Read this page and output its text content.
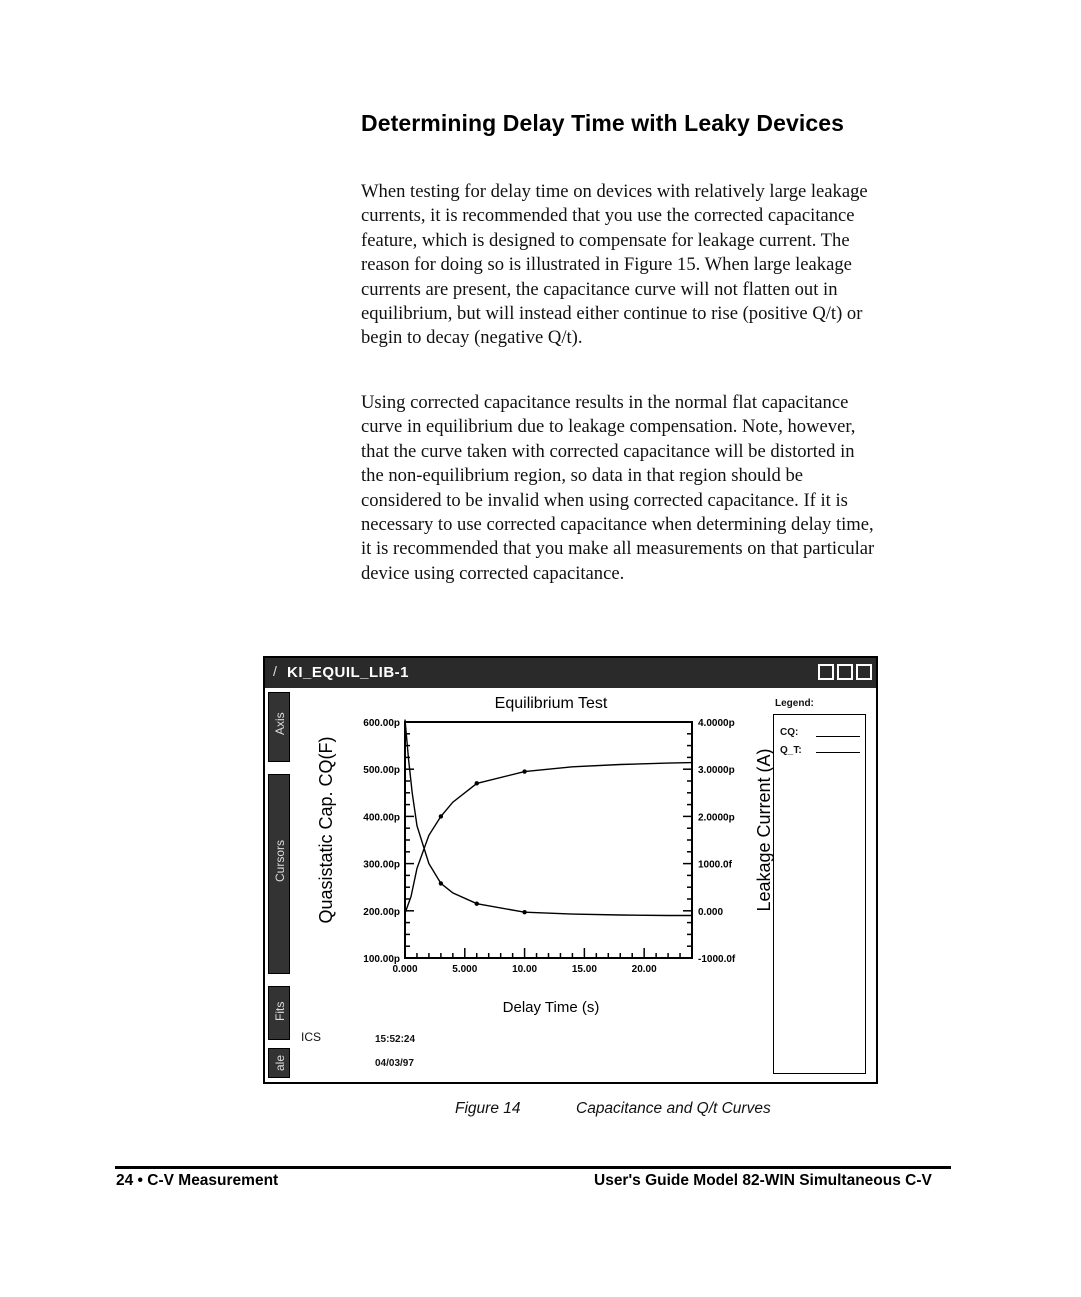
Determining Delay Time with Leaky Devices

When testing for delay time on devices with relatively large leakage currents, it is recommended that you use the corrected capacitance feature, which is designed to compensate for leakage current. The reason for doing so is illustrated in Figure 15. When large leakage currents are present, the capacitance curve will not flatten out in equilibrium, but will instead either continue to rise (positive Q/t) or begin to decay (negative Q/t).

Using corrected capacitance results in the normal flat capacitance curve in equilibrium due to leakage compensation. Note, however, that the curve taken with corrected capacitance will be distorted in the non-equilibrium region, so data in that region should be considered to be invalid when using corrected capacitance. If it is necessary to use corrected capacitance when determining delay time, it is recommended that you make all measurements on that particular device using corrected capacitance.

/ KI_EQUIL_LIB-1
Axis
Cursors
Fits
ale
Equilibrium Test
Delay Time (s)
Quasistatic Cap. CQ(F)	Leakage Current (A)
0.000	5.000	10.00	15.00	20.00
100.00p
200.00p
300.00p
400.00p
500.00p
600.00p
-1000.0f
0.000
1000.0f
2.0000p
3.0000p
4.0000p
ICS	15:52:24
04/03/97
Legend:
CQ:
Q_T:
Figure 14	Capacitance and Q/t Curves
24 • C-V Measurement	User's Guide Model 82-WIN Simultaneous C-V
